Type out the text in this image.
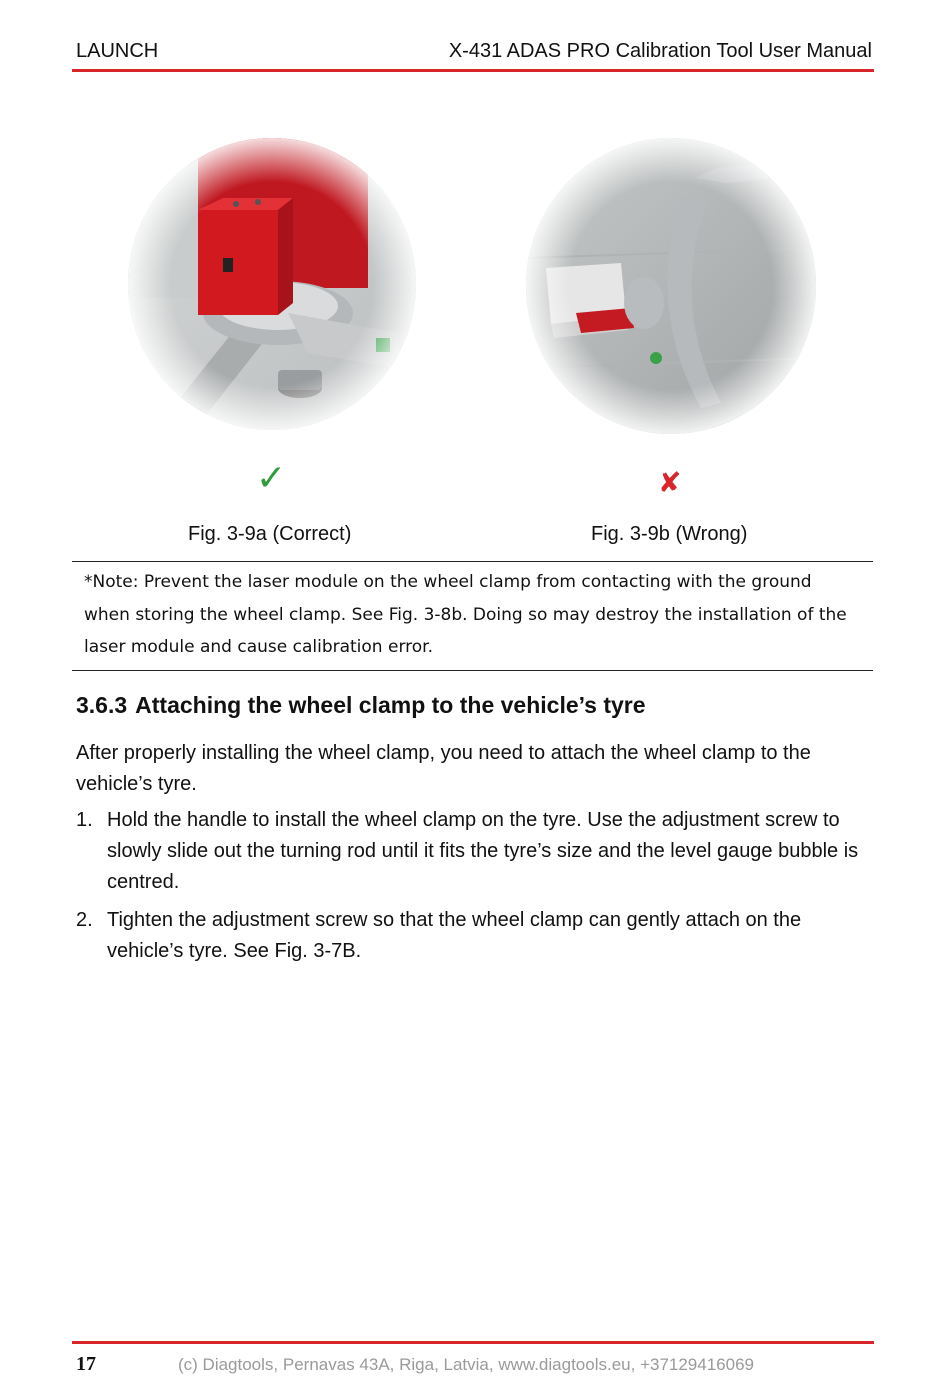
LAUNCH	X-431 ADAS PRO Calibration Tool User Manual
✓	✘
Fig. 3-9a (Correct)	Fig. 3-9b (Wrong)
*Note: Prevent the laser module on the wheel clamp from contacting with the ground
when storing the wheel clamp. See Fig. 3-8b. Doing so may destroy the installation of the
laser module and cause calibration error.
3.6.3 Attaching the wheel clamp to the vehicle’s tyre
After properly installing the wheel clamp, you need to attach the wheel clamp to the vehicle’s tyre.
1. Hold the handle to install the wheel clamp on the tyre. Use the adjustment screw to slowly slide out the turning rod until it fits the tyre’s size and the level gauge bubble is centred.
2. Tighten the adjustment screw so that the wheel clamp can gently attach on the vehicle’s tyre. See Fig. 3-7B.
17	(c) Diagtools, Pernavas 43A, Riga, Latvia, www.diagtools.eu, +37129416069
